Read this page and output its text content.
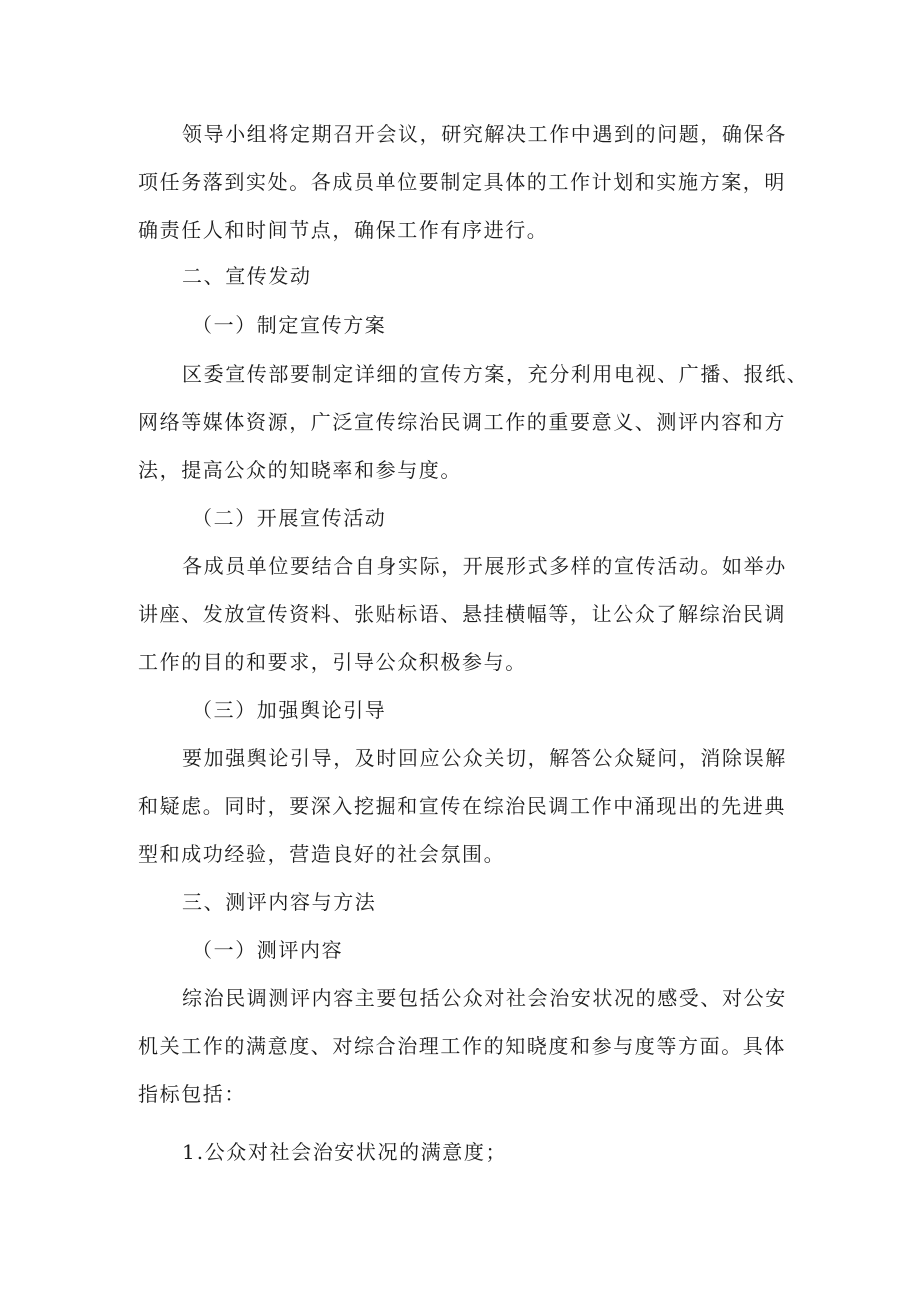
领导小组将定期召开会议，研究解决工作中遇到的问题，确保各
项任务落到实处。各成员单位要制定具体的工作计划和实施方案，明
确责任人和时间节点，确保工作有序进行。
二、宣传发动
（一）制定宣传方案
区委宣传部要制定详细的宣传方案，充分利用电视、广播、报纸、
网络等媒体资源，广泛宣传综治民调工作的重要意义、测评内容和方
法，提高公众的知晓率和参与度。
（二）开展宣传活动
各成员单位要结合自身实际，开展形式多样的宣传活动。如举办
讲座、发放宣传资料、张贴标语、悬挂横幅等，让公众了解综治民调
工作的目的和要求，引导公众积极参与。
（三）加强舆论引导
要加强舆论引导，及时回应公众关切，解答公众疑问，消除误解
和疑虑。同时，要深入挖掘和宣传在综治民调工作中涌现出的先进典
型和成功经验，营造良好的社会氛围。
三、测评内容与方法
（一）测评内容
综治民调测评内容主要包括公众对社会治安状况的感受、对公安
机关工作的满意度、对综合治理工作的知晓度和参与度等方面。具体
指标包括：
1.公众对社会治安状况的满意度；
